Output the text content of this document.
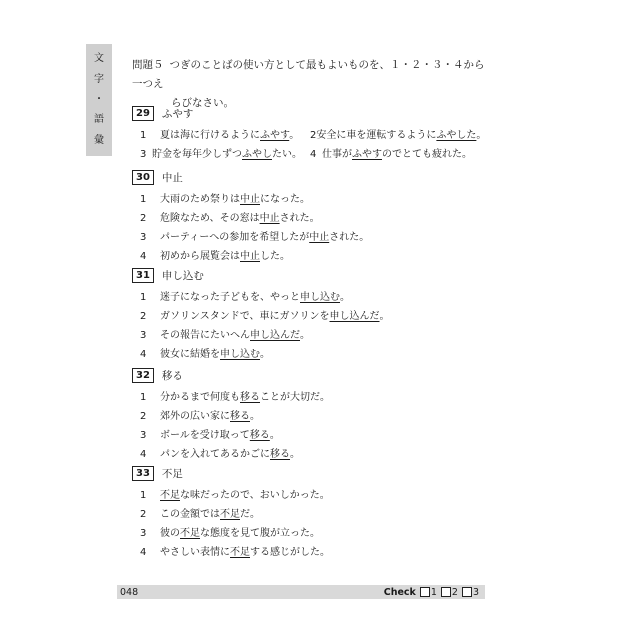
文
字
・
語
彙
問題５ つぎのことばの使い方として最もよいものを、１・２・３・４から一つえ
らびなさい。
29	ふやす
1	夏は海に行けるようにふやす。	2 安全に車を運転するようにふやした。
3 貯金を毎年少しずつふやしたい。 4 仕事がふやすのでとても疲れた。
30	中止
1	大雨のため祭りは中止になった。
2	危険なため、その窓は中止された。
3	パーティーへの参加を希望したが中止された。
4	初めから展覧会は中止した。
31	申し込む
1	迷子になった子どもを、やっと申し込む。
2	ガソリンスタンドで、車にガソリンを申し込んだ。
3	その報告にたいへん申し込んだ。
4	彼女に結婚を申し込む。
32	移る
1	分かるまで何度も移ることが大切だ。
2	郊外の広い家に移る。
3	ボールを受け取って移る。
4	パンを入れてあるかごに移る。
33	不足
1	不足な味だったので、おいしかった。
2	この金額では不足だ。
3	彼の不足な態度を見て腹が立った。
4	やさしい表情に不足する感じがした。
048	Check 1 2 3
